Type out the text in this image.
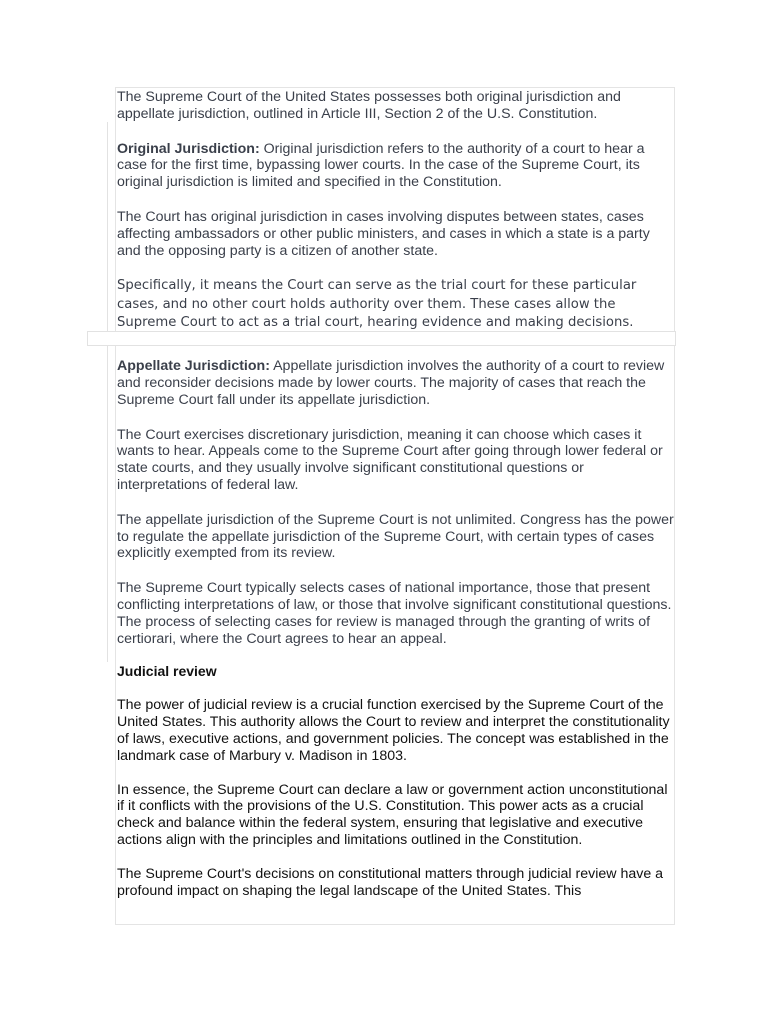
The Supreme Court of the United States possesses both original jurisdiction and appellate jurisdiction, outlined in Article III, Section 2 of the U.S. Constitution.

Original Jurisdiction: Original jurisdiction refers to the authority of a court to hear a case for the first time, bypassing lower courts. In the case of the Supreme Court, its original jurisdiction is limited and specified in the Constitution.

The Court has original jurisdiction in cases involving disputes between states, cases affecting ambassadors or other public ministers, and cases in which a state is a party and the opposing party is a citizen of another state.

Specifically, it means the Court can serve as the trial court for these particular cases, and no other court holds authority over them. These cases allow the Supreme Court to act as a trial court, hearing evidence and making decisions.

Appellate Jurisdiction: Appellate jurisdiction involves the authority of a court to review and reconsider decisions made by lower courts. The majority of cases that reach the Supreme Court fall under its appellate jurisdiction.

The Court exercises discretionary jurisdiction, meaning it can choose which cases it wants to hear. Appeals come to the Supreme Court after going through lower federal or state courts, and they usually involve significant constitutional questions or interpretations of federal law.

The appellate jurisdiction of the Supreme Court is not unlimited. Congress has the power to regulate the appellate jurisdiction of the Supreme Court, with certain types of cases explicitly exempted from its review.

The Supreme Court typically selects cases of national importance, those that present conflicting interpretations of law, or those that involve significant constitutional questions. The process of selecting cases for review is managed through the granting of writs of certiorari, where the Court agrees to hear an appeal.

Judicial review

The power of judicial review is a crucial function exercised by the Supreme Court of the United States. This authority allows the Court to review and interpret the constitutionality of laws, executive actions, and government policies. The concept was established in the landmark case of Marbury v. Madison in 1803.

In essence, the Supreme Court can declare a law or government action unconstitutional if it conflicts with the provisions of the U.S. Constitution. This power acts as a crucial check and balance within the federal system, ensuring that legislative and executive actions align with the principles and limitations outlined in the Constitution.

The Supreme Court's decisions on constitutional matters through judicial review have a profound impact on shaping the legal landscape of the United States. This
